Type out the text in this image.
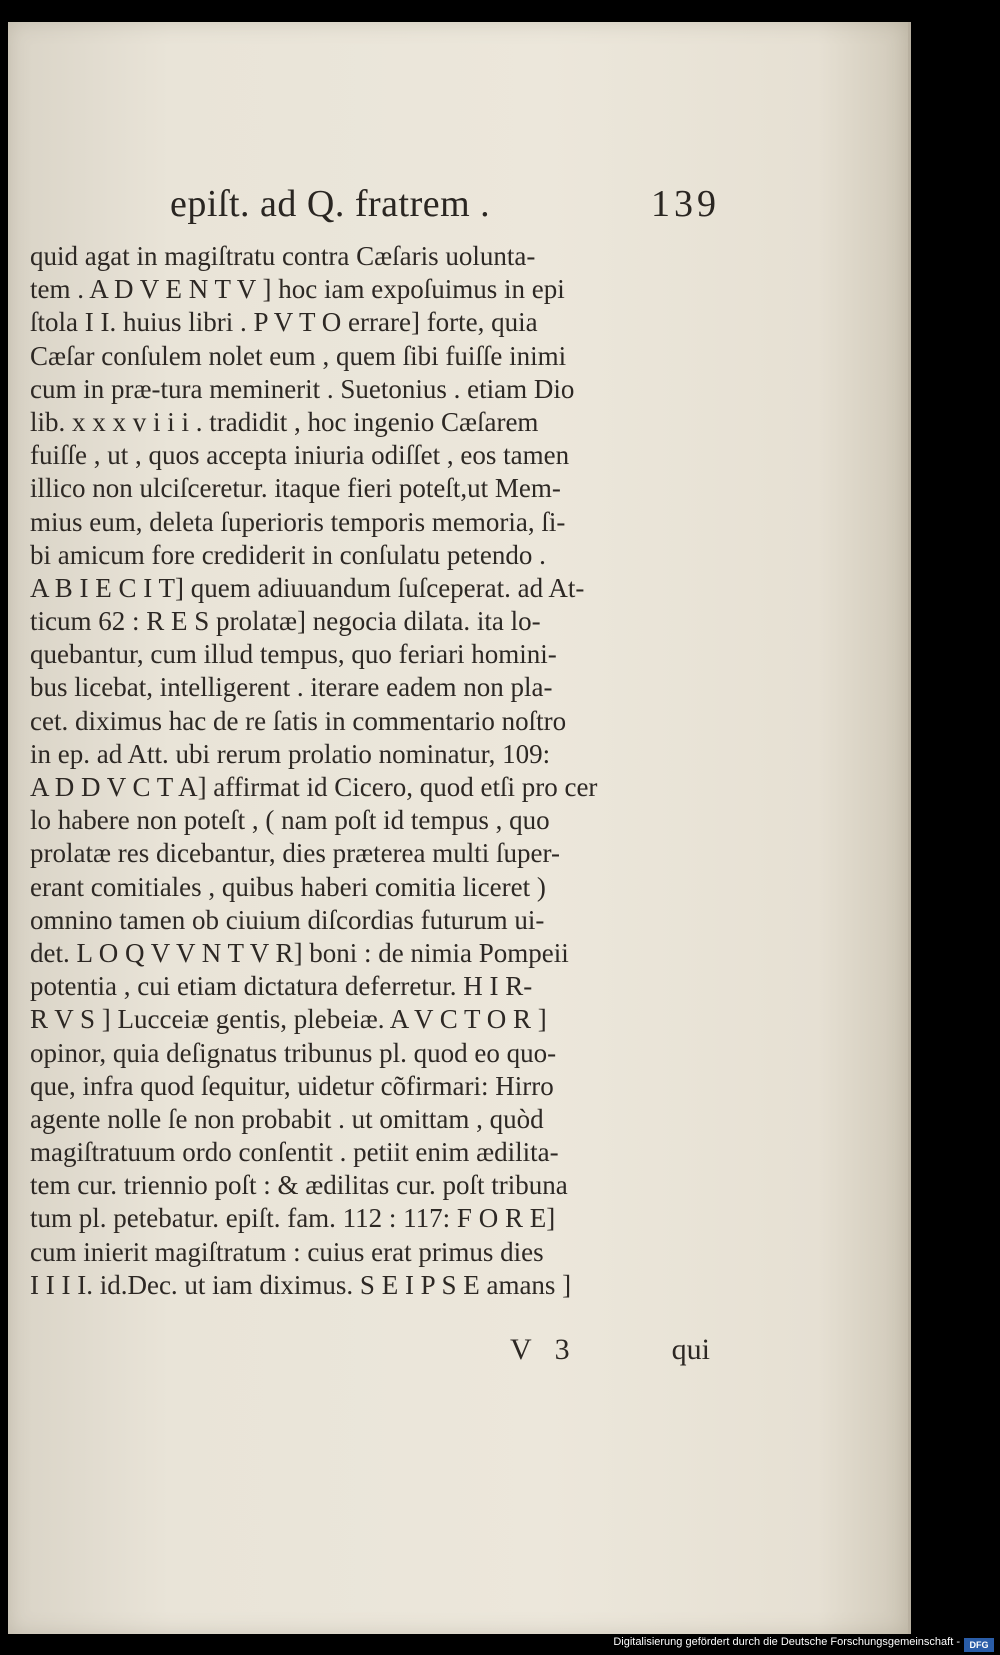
epiſt. ad Q. fratrem .	139
quid agat in magiſtratu contra Cæſaris uolunta-
tem . A D V E N T V ] hoc iam expoſuimus in epi
ſtola I I. huius libri . P V T O errare] forte, quia
Cæſar conſulem nolet eum , quem ſibi fuiſſe inimi
cum in præ-tura meminerit . Suetonius . etiam Dio
lib. x x x v i i i . tradidit , hoc ingenio Cæſarem
fuiſſe , ut , quos accepta iniuria odiſſet , eos tamen
illico non ulciſceretur. itaque fieri poteſt,ut Mem-
mius eum, deleta ſuperioris temporis memoria, ſi-
bi amicum fore crediderit in conſulatu petendo .
A B I E C I T] quem adiuuandum ſuſceperat. ad At-
ticum 62 : R E S prolatæ] negocia dilata. ita lo-
quebantur, cum illud tempus, quo feriari homini-
bus licebat, intelligerent . iterare eadem non pla-
cet. diximus hac de re ſatis in commentario noſtro
in ep. ad Att. ubi rerum prolatio nominatur, 109:
A D D V C T A] affirmat id Cicero, quod etſi pro cer
lo habere non poteſt , ( nam poſt id tempus , quo
prolatæ res dicebantur, dies præterea multi ſuper-
erant comitiales , quibus haberi comitia liceret )
omnino tamen ob ciuium diſcordias futurum ui-
det. L O Q V V N T V R] boni : de nimia Pompeii
potentia , cui etiam dictatura deferretur. H I R-
R V S ] Lucceiæ gentis, plebeiæ. A V C T O R ]
opinor, quia deſignatus tribunus pl. quod eo quo-
que, infra quod ſequitur, uidetur cõfirmari: Hirro
agente nolle ſe non probabit . ut omittam , quòd
magiſtratuum ordo conſentit . petiit enim ædilita-
tem cur. triennio poſt : & ædilitas cur. poſt tribuna
tum pl. petebatur. epiſt. fam. 112 : 117: F O R E]
cum inierit magiſtratum : cuius erat primus dies
I I I I. id.Dec. ut iam diximus. S E I P S E amans ]
V 3	qui
Digitalisierung gefördert durch die Deutsche Forschungsgemeinschaft -	DFG
